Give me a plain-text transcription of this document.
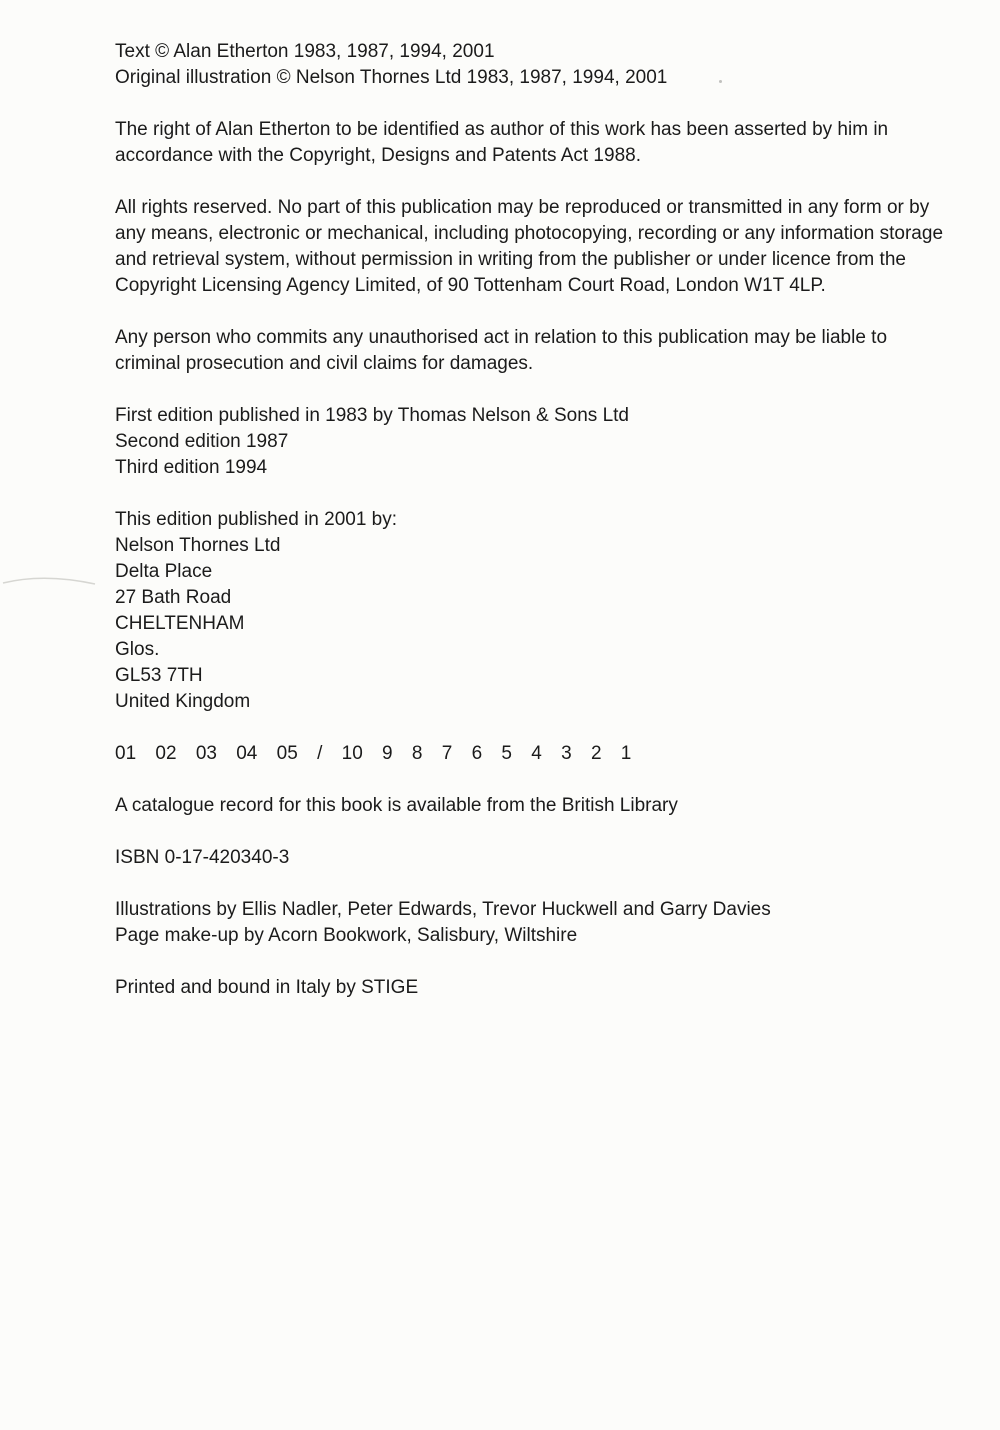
Text © Alan Etherton 1983, 1987, 1994, 2001
Original illustration © Nelson Thornes Ltd 1983, 1987, 1994, 2001

The right of Alan Etherton to be identified as author of this work has been asserted by him in accordance with the Copyright, Designs and Patents Act 1988.

All rights reserved. No part of this publication may be reproduced or transmitted in any form or by any means, electronic or mechanical, including photocopying, recording or any information storage and retrieval system, without permission in writing from the publisher or under licence from the Copyright Licensing Agency Limited, of 90 Tottenham Court Road, London W1T 4LP.

Any person who commits any unauthorised act in relation to this publication may be liable to criminal prosecution and civil claims for damages.

First edition published in 1983 by Thomas Nelson & Sons Ltd
Second edition 1987
Third edition 1994
This edition published in 2001 by:
Nelson Thornes Ltd
Delta Place
27 Bath Road
CHELTENHAM
Glos.
GL53 7TH
United Kingdom

01 02 03 04 05 / 10 9 8 7 6 5 4 3 2 1

A catalogue record for this book is available from the British Library

ISBN 0-17-420340-3

Illustrations by Ellis Nadler, Peter Edwards, Trevor Huckwell and Garry Davies
Page make-up by Acorn Bookwork, Salisbury, Wiltshire

Printed and bound in Italy by STIGE
